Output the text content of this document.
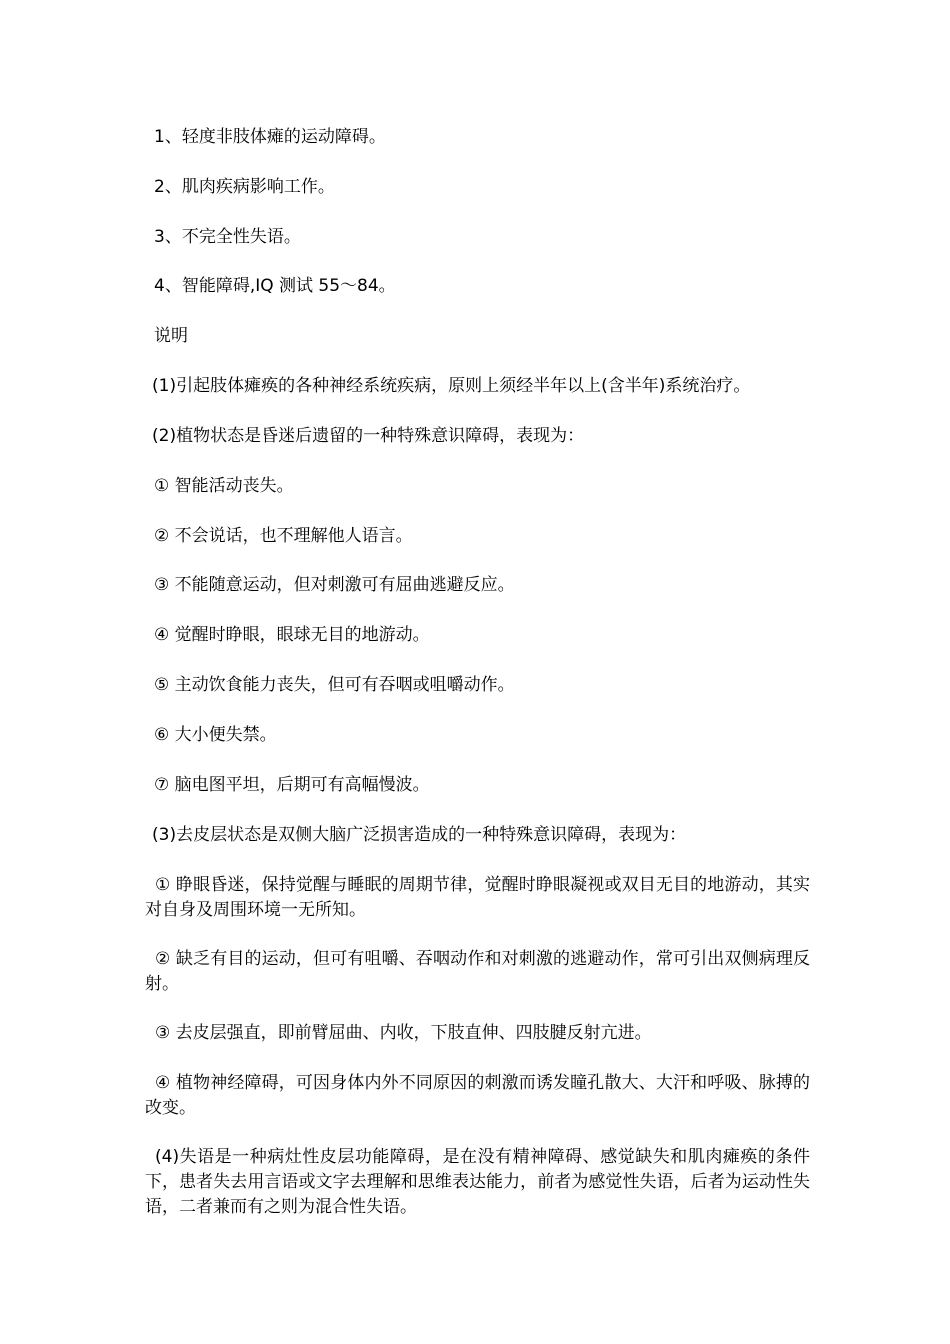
1、轻度非肢体瘫的运动障碍。
2、肌肉疾病影响工作。
3、不完全性失语。
4、智能障碍,IQ 测试 55～84。
说明
(1)引起肢体瘫痪的各种神经系统疾病，原则上须经半年以上(含半年)系统治疗。
(2)植物状态是昏迷后遗留的一种特殊意识障碍，表现为：
① 智能活动丧失。
② 不会说话，也不理解他人语言。
③ 不能随意运动，但对刺激可有屈曲逃避反应。
④ 觉醒时睁眼，眼球无目的地游动。
⑤ 主动饮食能力丧失，但可有吞咽或咀嚼动作。
⑥ 大小便失禁。
⑦ 脑电图平坦，后期可有高幅慢波。
(3)去皮层状态是双侧大脑广泛损害造成的一种特殊意识障碍，表现为：
① 睁眼昏迷，保持觉醒与睡眠的周期节律，觉醒时睁眼凝视或双目无目的地游动，其实对自身及周围环境一无所知。
② 缺乏有目的运动，但可有咀嚼、吞咽动作和对刺激的逃避动作，常可引出双侧病理反射。
③ 去皮层强直，即前臂屈曲、内收，下肢直伸、四肢腱反射亢进。
④ 植物神经障碍，可因身体内外不同原因的刺激而诱发瞳孔散大、大汗和呼吸、脉搏的改变。
(4)失语是一种病灶性皮层功能障碍，是在没有精神障碍、感觉缺失和肌肉瘫痪的条件下，患者失去用言语或文字去理解和思维表达能力，前者为感觉性失语，后者为运动性失语，二者兼而有之则为混合性失语。
